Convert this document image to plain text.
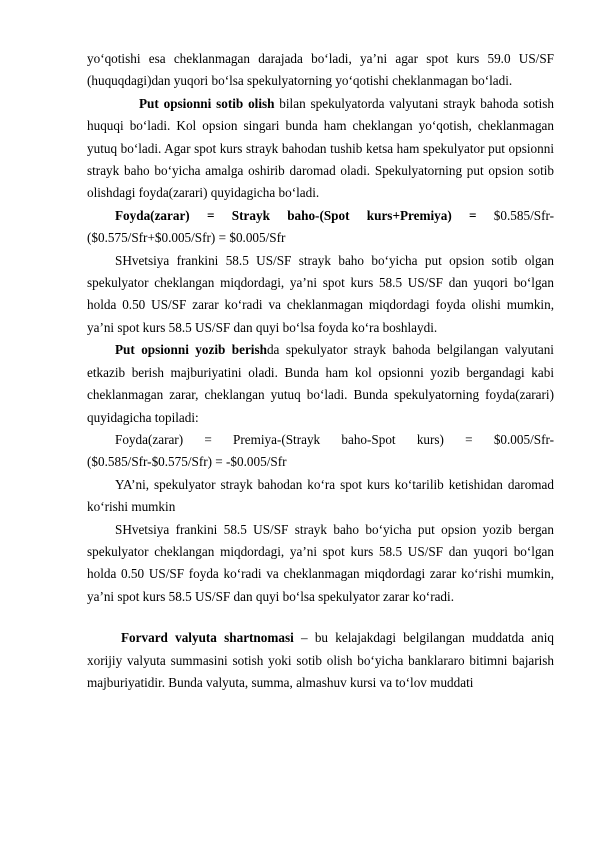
yo‘qotishi esa cheklanmagan darajada bo‘ladi, ya’ni agar spot kurs 59.0 US/SF (huquqdagi)dan yuqori bo‘lsa spekulyatorning yo‘qotishi cheklanmagan bo‘ladi.

Put opsionni sotib olish bilan spekulyatorda valyutani strayk bahoda sotish huquqi bo‘ladi. Kol opsion singari bunda ham cheklangan yo‘qotish, cheklanmagan yutuq bo‘ladi. Agar spot kurs strayk bahodan tushib ketsa ham spekulyator put opsionni strayk baho bo‘yicha amalga oshirib daromad oladi. Spekulyatorning put opsion sotib olishdagi foyda(zarari) quyidagicha bo‘ladi.

Foyda(zarar) = Strayk baho-(Spot kurs+Premiya) = $0.585/Sfr-($0.575/Sfr+$0.005/Sfr) = $0.005/Sfr

SHvetsiya frankini 58.5 US/SF strayk baho bo‘yicha put opsion sotib olgan spekulyator cheklangan miqdordagi, ya’ni spot kurs 58.5 US/SF dan yuqori bo‘lgan holda 0.50 US/SF zarar ko‘radi va cheklanmagan miqdordagi foyda olishi mumkin, ya’ni spot kurs 58.5 US/SF dan quyi bo‘lsa foyda ko‘ra boshlaydi.

Put opsionni yozib berishda spekulyator strayk bahoda belgilangan valyutani etkazib berish majburiyatini oladi. Bunda ham kol opsionni yozib bergandagi kabi cheklanmagan zarar, cheklangan yutuq bo‘ladi. Bunda spekulyatorning foyda(zarari) quyidagicha topiladi:

Foyda(zarar) = Premiya-(Strayk baho-Spot kurs) = $0.005/Sfr-($0.585/Sfr-$0.575/Sfr) = -$0.005/Sfr

YA’ni, spekulyator strayk bahodan ko‘ra spot kurs ko‘tarilib ketishidan daromad ko‘rishi mumkin

SHvetsiya frankini 58.5 US/SF strayk baho bo‘yicha put opsion yozib bergan spekulyator cheklangan miqdordagi, ya’ni spot kurs 58.5 US/SF dan yuqori bo‘lgan holda 0.50 US/SF foyda ko‘radi va cheklanmagan miqdordagi zarar ko‘rishi mumkin, ya’ni spot kurs 58.5 US/SF dan quyi bo‘lsa spekulyator zarar ko‘radi.

Forvard valyuta shartnomasi – bu kelajakdagi belgilangan muddatda aniq xorijiy valyuta summasini sotish yoki sotib olish bo‘yicha banklararo bitimni bajarish majburiyatidir. Bunda valyuta, summa, almashuv kursi va to‘lov muddati
